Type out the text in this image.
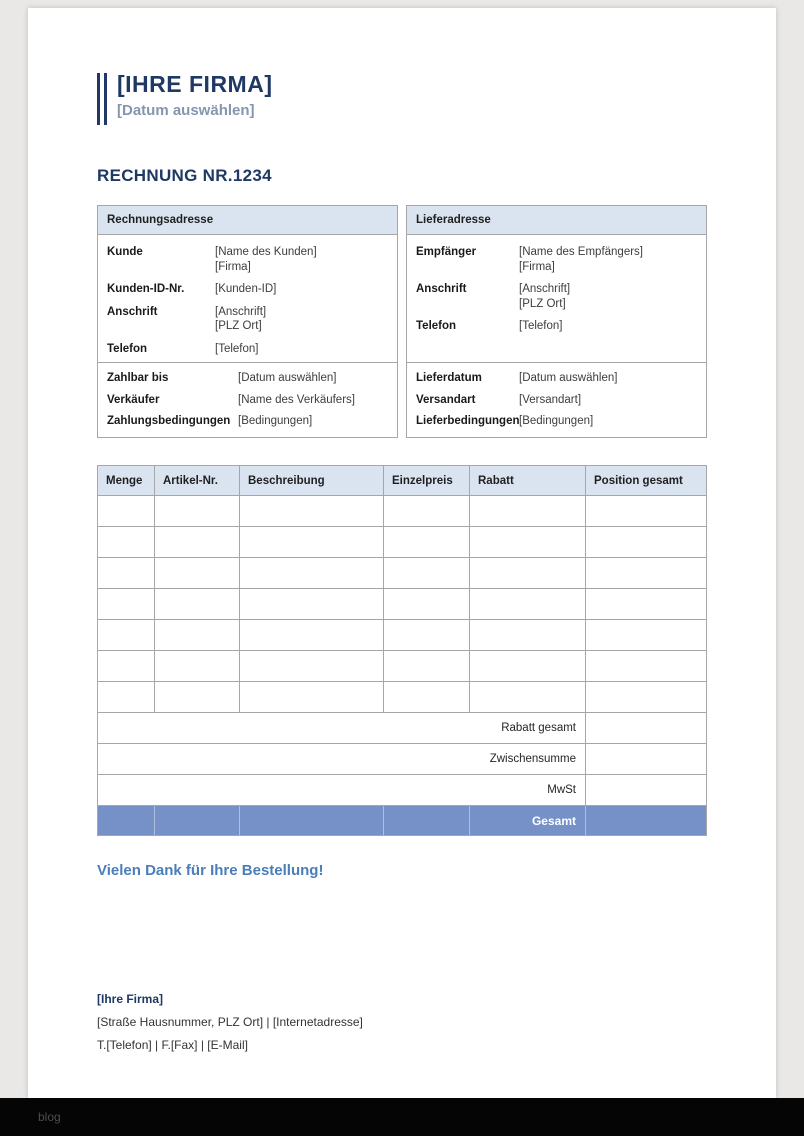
[IHRE FIRMA]
[Datum auswählen]
RECHNUNG NR.1234
Rechnungsadresse
Kunde	[Name des Kunden]
[Firma]
Kunden-ID-Nr.	[Kunden-ID]
Anschrift	[Anschrift]
[PLZ Ort]
Telefon	[Telefon]
Zahlbar bis	[Datum auswählen]
Verkäufer	[Name des Verkäufers]
Zahlungsbedingungen [Bedingungen]
Lieferadresse
Empfänger	[Name des Empfängers]
[Firma]
Anschrift	[Anschrift]
[PLZ Ort]
Telefon	[Telefon]
Lieferdatum	[Datum auswählen]
Versandart	[Versandart]
Lieferbedingungen [Bedingungen]
Menge	Artikel-Nr.	Beschreibung	Einzelpreis	Rabatt	Position gesamt
Rabatt gesamt
Zwischensumme
MwSt
Gesamt
Vielen Dank für Ihre Bestellung!
[Ihre Firma]
[Straße Hausnummer, PLZ Ort] | [Internetadresse]
T.[Telefon] | F.[Fax] | [E-Mail]
blog
